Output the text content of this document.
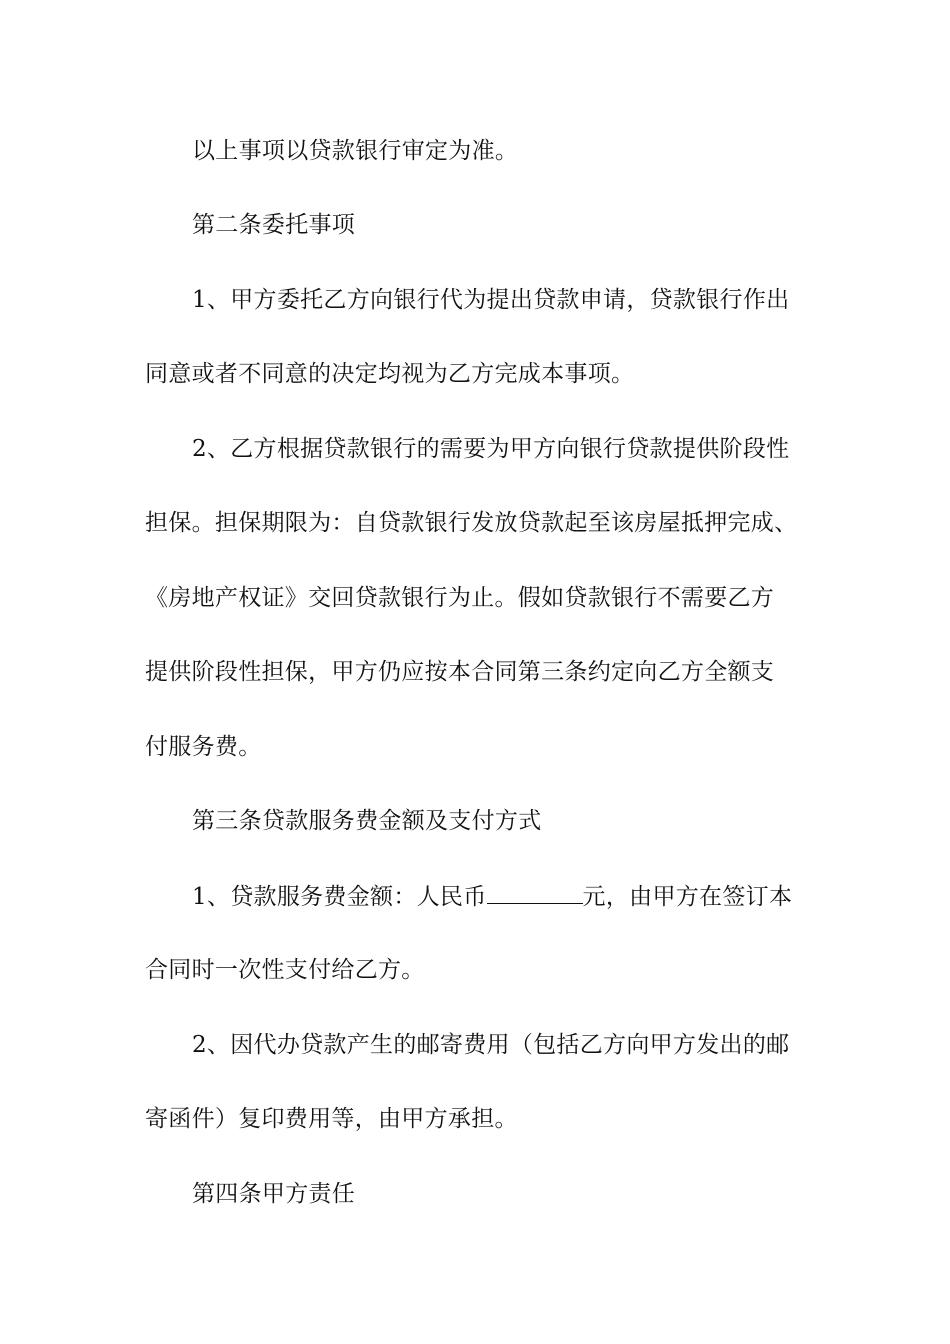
以上事项以贷款银行审定为准。
第二条委托事项
1、甲方委托乙方向银行代为提出贷款申请，贷款银行作出
同意或者不同意的决定均视为乙方完成本事项。
2、乙方根据贷款银行的需要为甲方向银行贷款提供阶段性
担保。担保期限为：自贷款银行发放贷款起至该房屋抵押完成、
《房地产权证》交回贷款银行为止。假如贷款银行不需要乙方
提供阶段性担保，甲方仍应按本合同第三条约定向乙方全额支
付服务费。
第三条贷款服务费金额及支付方式
1、贷款服务费金额：人民币	元，由甲方在签订本
合同时一次性支付给乙方。
2、因代办贷款产生的邮寄费用（包括乙方向甲方发出的邮
寄函件）复印费用等，由甲方承担。
第四条甲方责任
